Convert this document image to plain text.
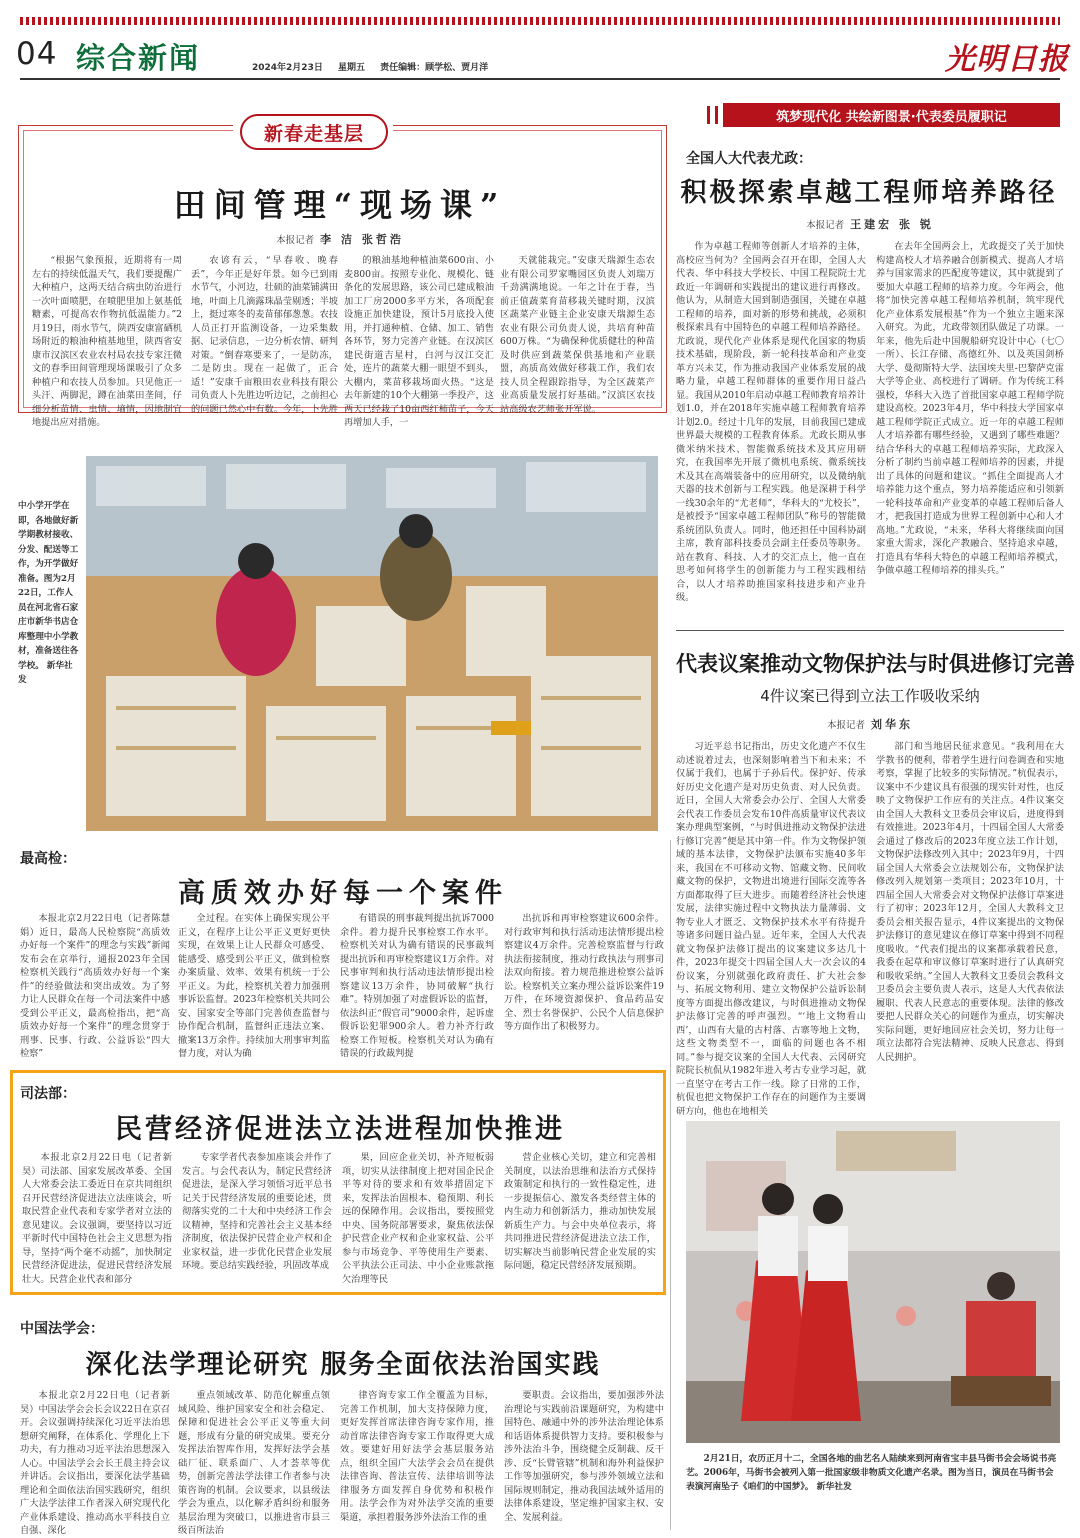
04 综合新闻	2024年2月23日 星期五 责任编辑：顾学松、贾月洋	光明日报
筑梦现代化 共绘新图景·代表委员履职记
新春走基层
田间管理“现场课”
本报记者 李 洁 张哲浩
“根据气象预报，近期将有一周左右的持续低温天气，我们要提醒广大种植户，这两天结合病虫防治进行一次叶面喷肥，在喷肥里加上氨基低糖素，可提高农作物抗低温能力。”2月19日，雨水节气，陕西安康富硒机场附近的粮油种植基地里，陕西省安康市汉滨区农业农村局农技专家汪微文的春季田间管理现场课吸引了众多种植户和农技人员参加。只见他正一头汗、两脚泥，蹲在油菜田垄间，仔细分析苗情、虫情、墒情，因地制宜地提出应对措施。
农谚有云，“早春收、晚春丢”，今年正是好年景。如今已到雨水节气，小河边，壮硕的油菜铺满田地，叶面上几滴露珠晶莹剔透；半坡上，挺过寒冬的麦苗郁郁葱葱。农技人员正打开监测设备，一边采集数据、记录信息，一边分析农情、研判对策。“倒春寒要来了，一是防冻，二是防虫。现在一起做了，正合适！”安康千亩粮田农业科技有限公司负责人卜先胜边听边记，之前担心的问题已然心中有数。今年，卜先胜
的粮油基地种植油菜600亩、小麦800亩。按照专业化、规模化、链条化的发展思路，该公司已建成粮油加工厂房2000多平方米，各项配套设施正加快建设，预计5月底投入使用，并打通种植、仓储、加工、销售各环节，努力完善产业链。在汉滨区建民街道吉星村，白河与汉江交汇处，连片的蔬菜大棚一眼望不到头，大棚内，菜苗移栽场面火热。“这是去年新建的10个大棚第一季投产，这两天已经栽了10亩西红柿苗子，今天再增加人手，一
天就能栽完。”安康天瑞源生态农业有限公司罗家嘴园区负责人刘瑞万千劲满满地说。一年之计在于春，当前正值蔬菜育苗移栽关键时期，汉滨区蔬菜产业链主企业安康天瑞源生态农业有限公司负责人说，共培育种苗600万株。“为确保种优质健壮的种苗及时供应到蔬菜保供基地和产业联盟，高质高效做好移栽工作，我们农技人员全程跟踪指导，为全区蔬菜产业高质量发展打好基础。”汉滨区农技站高级农艺师张开军说。
中小学开学在即，各地做好新学期教材接收、分发、配送等工作，为开学做好准备。图为2月22日，工作人员在河北省石家庄市新华书店仓库整理中小学教材，准备送往各学校。 新华社发
全国人大代表尤政：
积极探索卓越工程师培养路径
本报记者 王建宏 张 锐
作为卓越工程师等创新人才培养的主体，高校应当何为？全国两会召开在即，全国人大代表、华中科技大学校长、中国工程院院士尤政近一年调研和实践提出的建议进行再修改。他认为，从制造大国到制造强国，关键在卓越工程师的培养，面对新的形势和挑战，必须积极探索具有中国特色的卓越工程师培养路径。尤政说，现代化产业体系是现代化国家的物质技术基础，现阶段，新一轮科技革命和产业变革方兴未艾，作为推动我国产业体系发展的战略力量，卓越工程师群体的重要作用日益凸显。我国从2010年启动卓越工程师教育培养计划1.0，并在2018年实施卓越工程师教育培养计划2.0。经过十几年的发展，目前我国已建成世界最大规模的工程教育体系。尤政长期从事微米纳米技术、智能微系统技术及其应用研究，在我国率先开展了微机电系统、微系统技术及其在高端装备中的应用研究，以及微纳航天器的技术创新与工程实践。他是深耕于科学一线30余年的“尤老师”，华科大的“尤校长”，是被授予“国家卓越工程师团队”称号的智能微系统团队负责人。同时，他还担任中国科协副主席，教育部科技委员会副主任委员等职务。站在教育、科技、人才的交汇点上，他一直在思考如何将学生的创新能力与工程实践相结合，以人才培养助推国家科技进步和产业升级。
在去年全国两会上，尤政提交了关于加快构建高校人才培养融合创新模式、提高人才培养与国家需求的匹配度等建议，其中就提到了要加大卓越工程师的培养力度。今年两会，他将“加快完善卓越工程师培养机制，筑牢现代化产业体系发展根基”作为一个独立主题来深入研究。为此，尤政带领团队做足了功课。一年来，他先后赴中国舰船研究设计中心（七〇一所）、长江存储、高德红外、以及英国剑桥大学、曼彻斯特大学、法国埃夫里-巴黎萨克雷大学等企业、高校进行了调研。作为传统工科强校，华科大入选了首批国家卓越工程师学院建设高校。2023年4月，华中科技大学国家卓越工程师学院正式成立。近一年的卓越工程师人才培养都有哪些经验，又遇到了哪些难题？结合华科大的卓越工程师培养实际，尤政深入分析了制约当前卓越工程师培养的因素，并提出了具体的问题和建议。“抓住全面提高人才培养能力这个重点，努力培养能适应和引领新一轮科技革命和产业变革的卓越工程师后备人才，把我国打造成为世界工程创新中心和人才高地。”尤政说，“未来，华科大将继续面向国家重大需求，深化产教融合、坚持追求卓越，打造具有华科大特色的卓越工程师培养模式，争做卓越工程师培养的排头兵。”
代表议案推动文物保护法与时俱进修订完善
4件议案已得到立法工作吸收采纳
本报记者 刘华东
习近平总书记指出，历史文化遗产不仅生动述说着过去，也深刻影响着当下和未来；不仅属于我们，也属于子孙后代。保护好、传承好历史文化遗产是对历史负责、对人民负责。近日，全国人大常委会办公厅、全国人大常委会代表工作委员会发布10件高质量审议代表议案办理典型案例，“与时俱进推动文物保护法进行修订完善”便是其中第一件。作为文物保护领域的基本法律，文物保护法颁布实施40多年来，我国在不可移动文物、馆藏文物、民间收藏文物的保护，文物进出境进行国际交流等各方面都取得了巨大进步。而随着经济社会快速发展，法律实施过程中文物执法力量薄弱、文物专业人才匮乏、文物保护技术水平有待提升等诸多问题日益凸显。近年来，全国人大代表就文物保护法修订提出的议案建议多达几十件，2023年提交十四届全国人大一次会议的4份议案，分别就强化政府责任、扩大社会参与、拓展文物利用、建立文物保护公益诉讼制度等方面提出修改建议，与时俱进推动文物保护法修订完善的呼声强烈。“‘地上文物看山西’，山西有大量的古村落、古寨等地上文物，这些文物类型不一，面临的问题也各不相同。”参与提交议案的全国人大代表、云冈研究院院长杭侃从1982年进入考古专业学习起，就一直坚守在考古工作一线。除了日常的工作，杭侃也把文物保护工作存在的问题作为主要调研方向，他也在地相关
部门和当地居民征求意见。“我利用在大学教书的便利，带着学生进行问卷调查和实地考察，掌握了比较多的实际情况。”杭侃表示，议案中不少建议具有很强的现实针对性，也反映了文物保护工作应有的关注点。4件议案交由全国人大教科文卫委员会审议后，进度得到有效推进。2023年4月，十四届全国人大常委会通过了修改后的2023年度立法工作计划，文物保护法修改列入其中；2023年9月，十四届全国人大常委会立法规划公布，文物保护法修改列入规划第一类项目；2023年10月，十四届全国人大常委会对文物保护法修订草案进行了初审；2023年12月，全国人大教科文卫委员会相关报告显示，4件议案提出的文物保护法修订的意见建议在修订草案中得到不同程度吸收。“代表们提出的议案都承载着民意，我委在起草和审议修订草案时进行了认真研究和吸收采纳。”全国人大教科文卫委员会教科文卫委员会主要负责人表示，这是人大代表依法履职、代表人民意志的重要体现。法律的修改要把人民群众关心的问题作为重点，切实解决实际问题，更好地回应社会关切，努力让每一项立法都符合宪法精神、反映人民意志、得到人民拥护。
2月21日，农历正月十二，全国各地的曲艺名人陆续来到河南省宝丰县马街书会会场说书亮艺。2006年，马街书会被列入第一批国家级非物质文化遗产名录。图为当日，演员在马街书会表演河南坠子《咱们的中国梦》。 新华社发
最高检：
高质效办好每一个案件
本报北京2月22日电（记者陈慧娟）近日，最高人民检察院“高质效办好每一个案件”的理念与实践”新闻发布会在京举行，通报2023年全国检察机关践行“高质效办好每一个案件”的经验做法和突出成效。为了努力让人民群众在每一个司法案件中感受到公平正义，最高检指出，把“高质效办好每一个案件”的理念贯穿于刑事、民事、行政、公益诉讼“四大检察”
全过程。在实体上确保实现公平正义，在程序上让公平正义更好更快实现，在效果上让人民群众可感受、能感受、感受到公平正义，做到检察办案质量、效率、效果有机统一于公平正义。为此，检察机关着力加强刑事诉讼监督。2023年检察机关共同公安、国家安全等部门完善侦查监督与协作配合机制，监督纠正违法立案、撤案13万余件。持续加大刑事审判监督力度，对认为确
有错误的刑事裁判提出抗诉7000余件。着力提升民事检察工作水平。检察机关对认为确有错误的民事裁判提出抗诉和再审检察建议1万余件。对民事审判和执行活动违法情形提出检察建议13万余件，协同破解“执行难”。特别加强了对虚假诉讼的监督，依法纠正“假官司”9000余件，起诉虚假诉讼犯罪900余人。着力补齐行政检察工作短板。检察机关对认为确有错误的行政裁判提
出抗诉和再审检察建议600余件。对行政审判和执行活动违法情形提出检察建议4万余件。完善检察监督与行政执法衔接制度，推动行政执法与刑事司法双向衔接。着力规范推进检察公益诉讼。检察机关立案办理公益诉讼案件19万件，在环境资源保护、食品药品安全、烈士名誉保护、公民个人信息保护等方面作出了积极努力。
司法部：
民营经济促进法立法进程加快推进
本报北京2月22日电（记者新昊）司法部、国家发展改革委、全国人大常委会法工委近日在京共同组织召开民营经济促进法立法座谈会，听取民营企业代表和专家学者对立法的意见建议。会议强调，要坚持以习近平新时代中国特色社会主义思想为指导，坚持“两个毫不动摇”，加快制定民营经济促进法，促进民营经济发展壮大。民营企业代表和部分
专家学者代表参加座谈会并作了发言。与会代表认为，制定民营经济促进法，是深入学习领悟习近平总书记关于民营经济发展的重要论述，贯彻落实党的二十大和中央经济工作会议精神，坚持和完善社会主义基本经济制度，依法保护民营企业产权和企业家权益，进一步优化民营企业发展环境。要总结实践经验，巩固改革成
果，回应企业关切，补齐短板弱项，切实从法律制度上把对国企民企平等对待的要求和有效举措固定下来，发挥法治固根本、稳预期、利长远的保障作用。会议指出，要按照党中央、国务院部署要求，聚焦依法保护民营企业产权和企业家权益、公平参与市场竞争、平等使用生产要素、公平执法公正司法、中小企业账款拖欠治理等民
营企业核心关切，建立和完善相关制度，以法治思维和法治方式保持政策制定和执行的一致性稳定性，进一步提振信心、激发各类经营主体的内生动力和创新活力，推动加快发展新质生产力。与会中央单位表示，将共同推进民营经济促进法立法工作，切实解决当前影响民营企业发展的实际问题，稳定民营经济发展预期。
中国法学会：
深化法学理论研究 服务全面依法治国实践
本报北京2月22日电（记者新昊）中国法学会会长会议22日在京召开。会议强调持续深化习近平法治思想研究阐释，在体系化、学理化上下功夫，有力推动习近平法治思想深入人心。中国法学会会长王晨主持会议并讲话。会议指出，要深化法学基础理论和全面依法治国实践研究，组织广大法学法律工作者深入研究现代化产业体系建设、推动高水平科技自立自强、深化
重点领域改革、防范化解重点领域风险、维护国家安全和社会稳定、保障和促进社会公平正义等重大问题，形成有分量的研究成果。要充分发挥法治智库作用，发挥好法学会基础厂征、联系面广、人才荟萃等优势，创新完善法学法律工作者参与决策咨询的机制。会议要求，以县级法学会为重点，以化解矛盾纠纷和服务基层治理为突破口，以推进省市县三级百所法治
律咨询专家工作全覆盖为目标，完善工作机制，加大支持保障力度，更好发挥首席法律咨询专家作用，推动首席法律咨询专家工作取得更大成效。要建好用好法学会基层服务站点，组织全国广大法学会会员在提供法律咨询、普法宣传、法律培训等法律服务方面发挥自身优势和积极作用。法学会作为对外法学交流的重要渠道，承担着服务涉外法治工作的重
要职责。会议指出，要加强涉外法治理论与实践前沿课题研究，为构建中国特色、融通中外的涉外法治理论体系和话语体系提供智力支持。要积极参与涉外法治斗争，围绕健全反制裁、反干涉、反“长臂管辖”机制和海外利益保护工作等加强研究，参与涉外领域立法和国际规则制定，推动我国法域外适用的法律体系建设，坚定维护国家主权、安全、发展利益。
